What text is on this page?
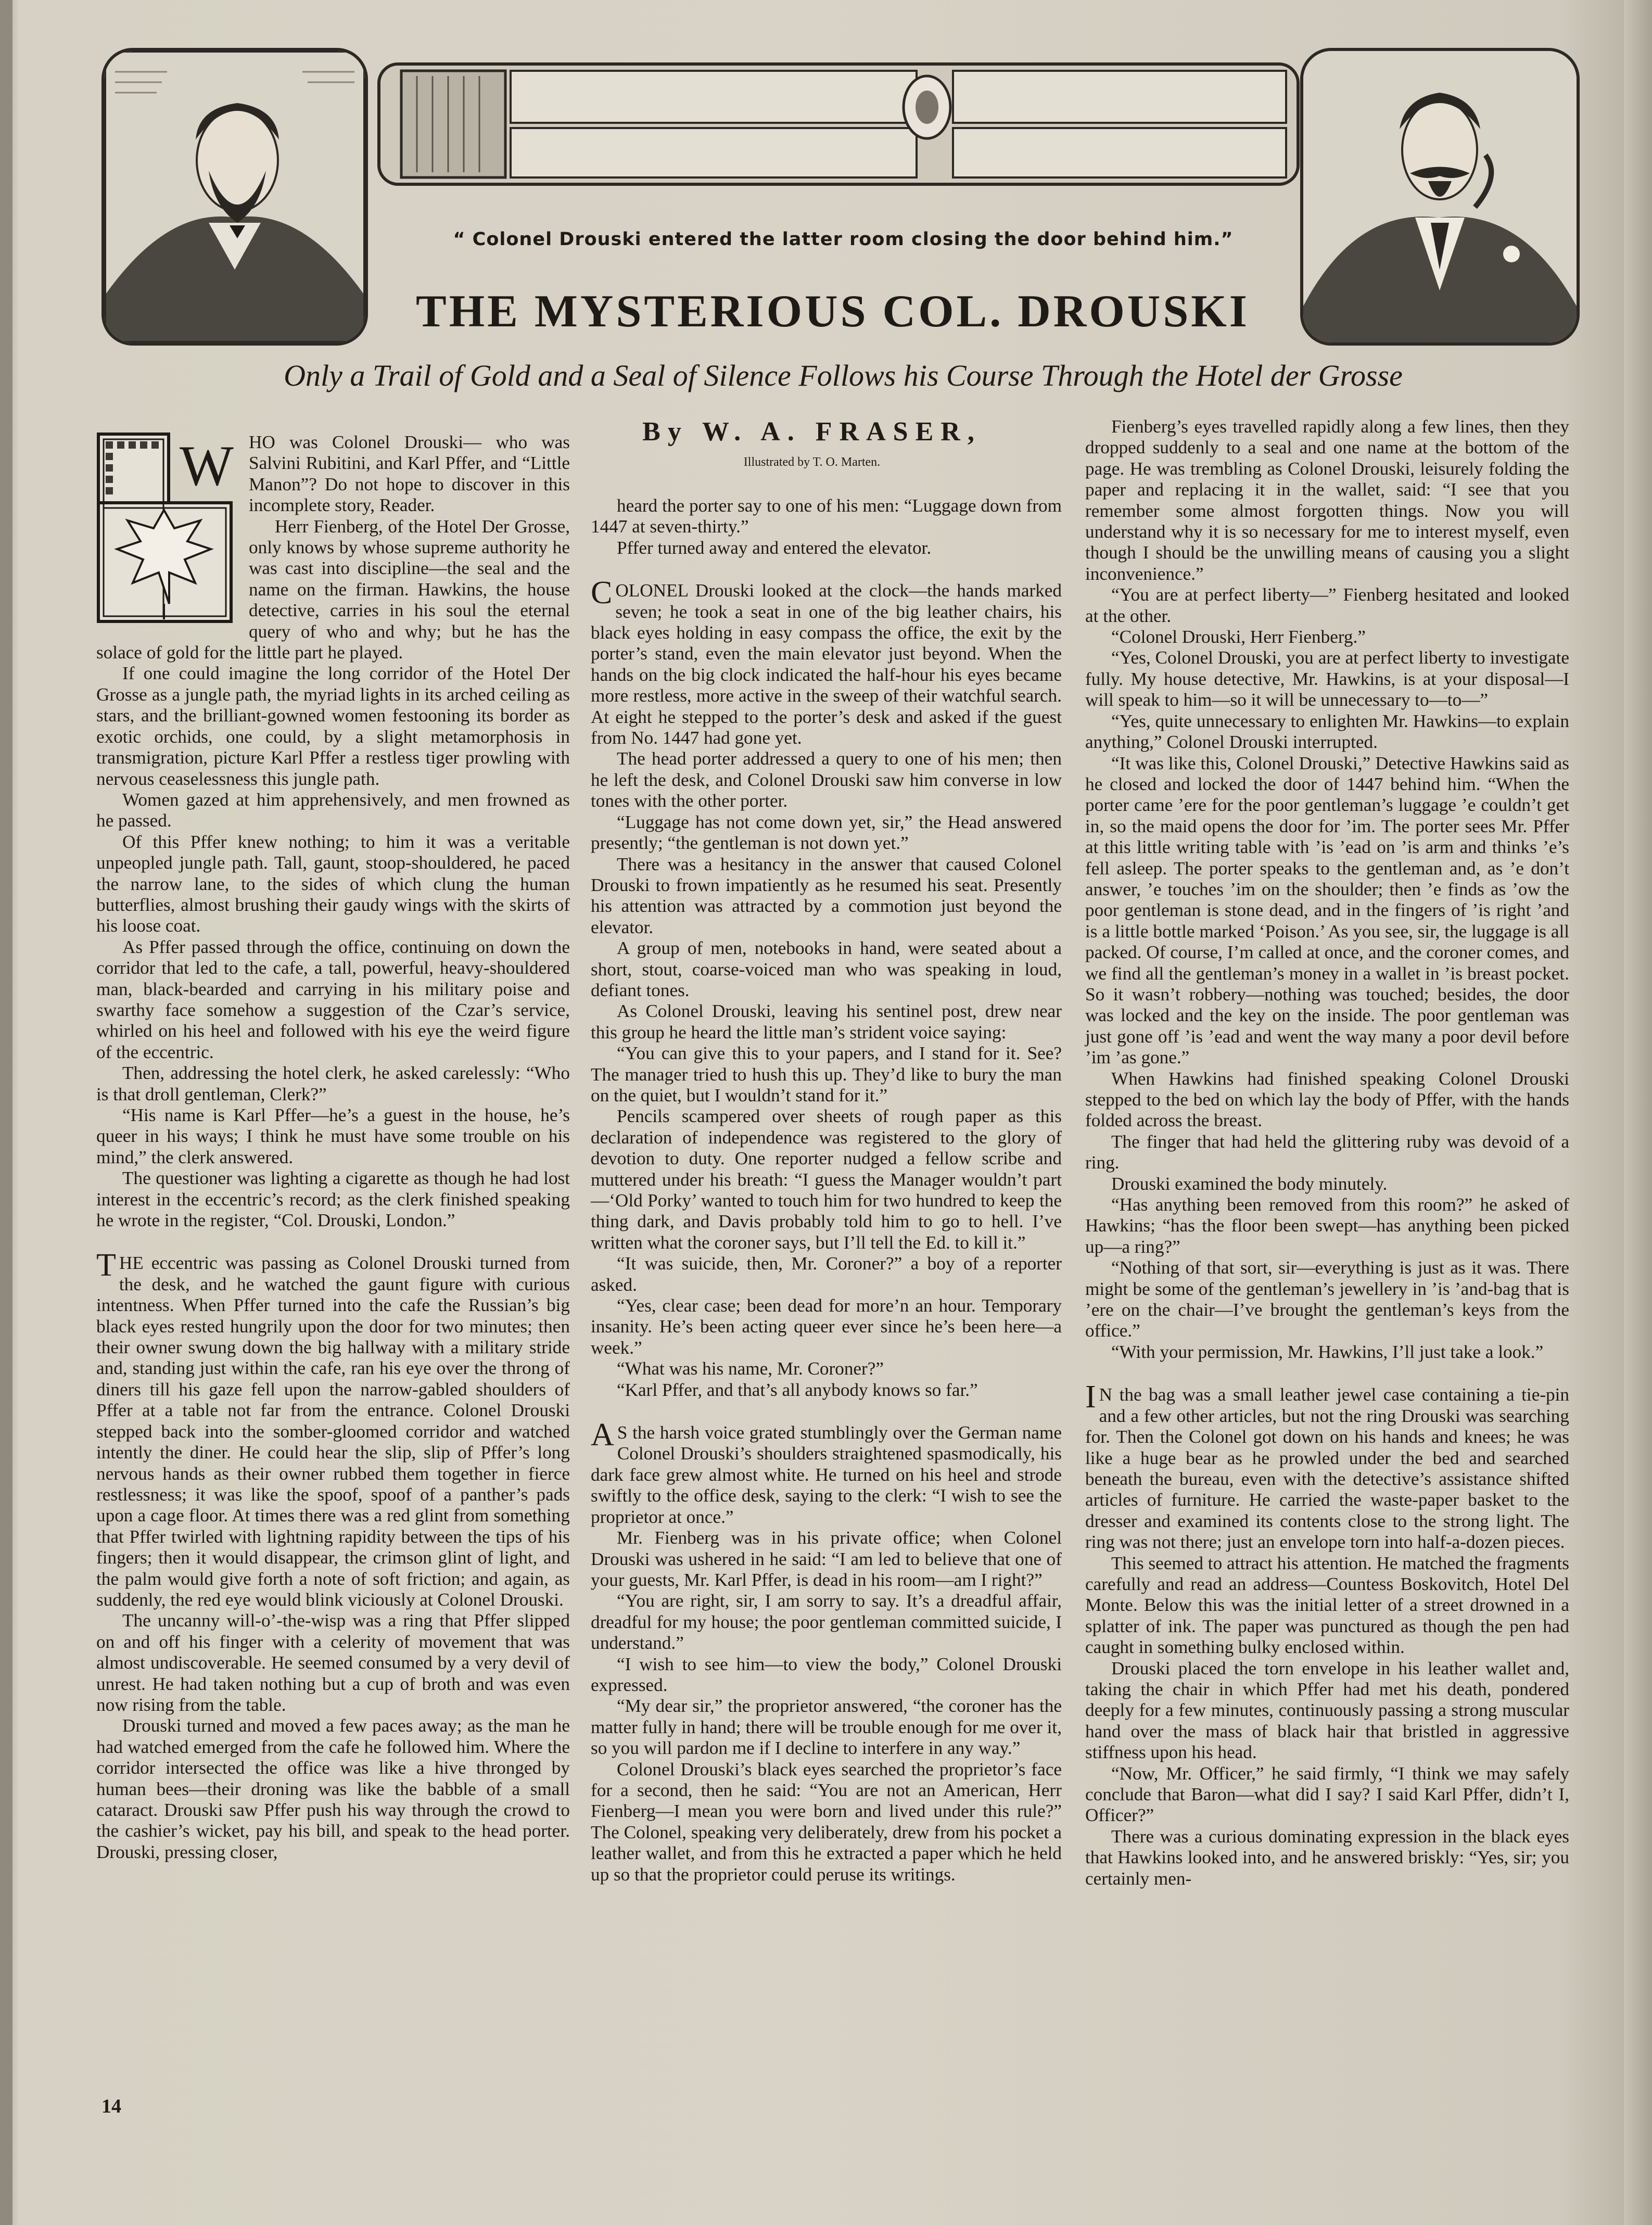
“ Colonel Drouski entered the latter room closing the door behind him.”
THE MYSTERIOUS COL. DROUSKI
Only a Trail of Gold and a Seal of Silence Follows his Course Through the Hotel der Grosse
By W. A. FRASER,
Illustrated by T. O. Marten.
W HO was Colonel Drouski— who was Salvini Rubitini, and Karl Pffer, and “Little Manon”? Do not hope to discover in this incomplete story, Reader.

Herr Fienberg, of the Hotel Der Grosse, only knows by whose supreme authority he was cast into discipline—the seal and the name on the firman. Hawkins, the house detective, carries in his soul the eternal query of who and why; but he has the solace of gold for the little part he played.

If one could imagine the long corridor of the Hotel Der Grosse as a jungle path, the myriad lights in its arched ceiling as stars, and the brilliant-gowned women festooning its border as exotic orchids, one could, by a slight metamorphosis in transmigration, picture Karl Pffer a restless tiger prowling with nervous ceaselessness this jungle path.

Women gazed at him apprehensively, and men frowned as he passed.

Of this Pffer knew nothing; to him it was a veritable unpeopled jungle path. Tall, gaunt, stoop-shouldered, he paced the narrow lane, to the sides of which clung the human butterflies, almost brushing their gaudy wings with the skirts of his loose coat.

As Pffer passed through the office, continuing on down the corridor that led to the cafe, a tall, powerful, heavy-shouldered man, black-bearded and carrying in his military poise and swarthy face somehow a suggestion of the Czar’s service, whirled on his heel and followed with his eye the weird figure of the eccentric.

Then, addressing the hotel clerk, he asked carelessly: “Who is that droll gentleman, Clerk?”

“His name is Karl Pffer—he’s a guest in the house, he’s queer in his ways; I think he must have some trouble on his mind,” the clerk answered.

The questioner was lighting a cigarette as though he had lost interest in the eccentric’s record; as the clerk finished speaking he wrote in the register, “Col. Drouski, London.”

THE eccentric was passing as Colonel Drouski turned from the desk, and he watched the gaunt figure with curious intentness. When Pffer turned into the cafe the Russian’s big black eyes rested hungrily upon the door for two minutes; then their owner swung down the big hallway with a military stride and, standing just within the cafe, ran his eye over the throng of diners till his gaze fell upon the narrow-gabled shoulders of Pffer at a table not far from the entrance. Colonel Drouski stepped back into the somber-gloomed corridor and watched intently the diner. He could hear the slip, slip of Pffer’s long nervous hands as their owner rubbed them together in fierce restlessness; it was like the spoof, spoof of a panther’s pads upon a cage floor. At times there was a red glint from something that Pffer twirled with lightning rapidity between the tips of his fingers; then it would disappear, the crimson glint of light, and the palm would give forth a note of soft friction; and again, as suddenly, the red eye would blink viciously at Colonel Drouski.

The uncanny will-o’-the-wisp was a ring that Pffer slipped on and off his finger with a celerity of movement that was almost undiscoverable. He seemed consumed by a very devil of unrest. He had taken nothing but a cup of broth and was even now rising from the table.

Drouski turned and moved a few paces away; as the man he had watched emerged from the cafe he followed him. Where the corridor intersected the office was like a hive thronged by human bees—their droning was like the babble of a small cataract. Drouski saw Pffer push his way through the crowd to the cashier’s wicket, pay his bill, and speak to the head porter. Drouski, pressing closer,

heard the porter say to one of his men: “Luggage down from 1447 at seven-thirty.”

Pffer turned away and entered the elevator.

COLONEL Drouski looked at the clock—the hands marked seven; he took a seat in one of the big leather chairs, his black eyes holding in easy compass the office, the exit by the porter’s stand, even the main elevator just beyond. When the hands on the big clock indicated the half-hour his eyes became more restless, more active in the sweep of their watchful search. At eight he stepped to the porter’s desk and asked if the guest from No. 1447 had gone yet.

The head porter addressed a query to one of his men; then he left the desk, and Colonel Drouski saw him converse in low tones with the other porter.

“Luggage has not come down yet, sir,” the Head answered presently; “the gentleman is not down yet.”

There was a hesitancy in the answer that caused Colonel Drouski to frown impatiently as he resumed his seat. Presently his attention was attracted by a commotion just beyond the elevator.

A group of men, notebooks in hand, were seated about a short, stout, coarse-voiced man who was speaking in loud, defiant tones.

As Colonel Drouski, leaving his sentinel post, drew near this group he heard the little man’s strident voice saying:

“You can give this to your papers, and I stand for it. See? The manager tried to hush this up. They’d like to bury the man on the quiet, but I wouldn’t stand for it.”

Pencils scampered over sheets of rough paper as this declaration of independence was registered to the glory of devotion to duty. One reporter nudged a fellow scribe and muttered under his breath: “I guess the Manager wouldn’t part—‘Old Porky’ wanted to touch him for two hundred to keep the thing dark, and Davis probably told him to go to hell. I’ve written what the coroner says, but I’ll tell the Ed. to kill it.”

“It was suicide, then, Mr. Coroner?” a boy of a reporter asked.

“Yes, clear case; been dead for more’n an hour. Temporary insanity. He’s been acting queer ever since he’s been here—a week.”

“What was his name, Mr. Coroner?”

“Karl Pffer, and that’s all anybody knows so far.”

A S the harsh voice grated stumblingly over the German name Colonel Drouski’s shoulders straightened spasmodically, his dark face grew almost white. He turned on his heel and strode swiftly to the office desk, saying to the clerk: “I wish to see the proprietor at once.”

Mr. Fienberg was in his private office; when Colonel Drouski was ushered in he said: “I am led to believe that one of your guests, Mr. Karl Pffer, is dead in his room—am I right?”

“You are right, sir, I am sorry to say. It’s a dreadful affair, dreadful for my house; the poor gentleman committed suicide, I understand.”

“I wish to see him—to view the body,” Colonel Drouski expressed.

“My dear sir,” the proprietor answered, “the coroner has the matter fully in hand; there will be trouble enough for me over it, so you will pardon me if I decline to interfere in any way.”

Colonel Drouski’s black eyes searched the proprietor’s face for a second, then he said: “You are not an American, Herr Fienberg—I mean you were born and lived under this rule?” The Colonel, speaking very deliberately, drew from his pocket a leather wallet, and from this he extracted a paper which he held up so that the proprietor could peruse its writings.

Fienberg’s eyes travelled rapidly along a few lines, then they dropped suddenly to a seal and one name at the bottom of the page. He was trembling as Colonel Drouski, leisurely folding the paper and replacing it in the wallet, said: “I see that you remember some almost forgotten things. Now you will understand why it is so necessary for me to interest myself, even though I should be the unwilling means of causing you a slight inconvenience.”

“You are at perfect liberty—” Fienberg hesitated and looked at the other.

“Colonel Drouski, Herr Fienberg.”

“Yes, Colonel Drouski, you are at perfect liberty to investigate fully. My house detective, Mr. Hawkins, is at your disposal—I will speak to him—so it will be unnecessary to—to—”

“Yes, quite unnecessary to enlighten Mr. Hawkins—to explain anything,” Colonel Drouski interrupted.

“It was like this, Colonel Drouski,” Detective Hawkins said as he closed and locked the door of 1447 behind him. “When the porter came ’ere for the poor gentleman’s luggage ’e couldn’t get in, so the maid opens the door for ’im. The porter sees Mr. Pffer at this little writing table with ’is ’ead on ’is arm and thinks ’e’s fell asleep. The porter speaks to the gentleman and, as ’e don’t answer, ’e touches ’im on the shoulder; then ’e finds as ’ow the poor gentleman is stone dead, and in the fingers of ’is right ’and is a little bottle marked ‘Poison.’ As you see, sir, the luggage is all packed. Of course, I’m called at once, and the coroner comes, and we find all the gentleman’s money in a wallet in ’is breast pocket. So it wasn’t robbery—nothing was touched; besides, the door was locked and the key on the inside. The poor gentleman was just gone off ’is ’ead and went the way many a poor devil before ’im ’as gone.”

When Hawkins had finished speaking Colonel Drouski stepped to the bed on which lay the body of Pffer, with the hands folded across the breast.

The finger that had held the glittering ruby was devoid of a ring.

Drouski examined the body minutely.

“Has anything been removed from this room?” he asked of Hawkins; “has the floor been swept—has anything been picked up—a ring?”

“Nothing of that sort, sir—everything is just as it was. There might be some of the gentleman’s jewellery in ’is ’and-bag that is ’ere on the chair—I’ve brought the gentleman’s keys from the office.”

“With your permission, Mr. Hawkins, I’ll just take a look.”

I N the bag was a small leather jewel case containing a tie-pin and a few other articles, but not the ring Drouski was searching for. Then the Colonel got down on his hands and knees; he was like a huge bear as he prowled under the bed and searched beneath the bureau, even with the detective’s assistance shifted articles of furniture. He carried the waste-paper basket to the dresser and examined its contents close to the strong light. The ring was not there; just an envelope torn into half-a-dozen pieces.

This seemed to attract his attention. He matched the fragments carefully and read an address—Countess Boskovitch, Hotel Del Monte. Below this was the initial letter of a street drowned in a splatter of ink. The paper was punctured as though the pen had caught in something bulky enclosed within.

Drouski placed the torn envelope in his leather wallet and, taking the chair in which Pffer had met his death, pondered deeply for a few minutes, continuously passing a strong muscular hand over the mass of black hair that bristled in aggressive stiffness upon his head.

“Now, Mr. Officer,” he said firmly, “I think we may safely conclude that Baron—what did I say? I said Karl Pffer, didn’t I, Officer?”

There was a curious dominating expression in the black eyes that Hawkins looked into, and he answered briskly: “Yes, sir; you certainly men-

14
